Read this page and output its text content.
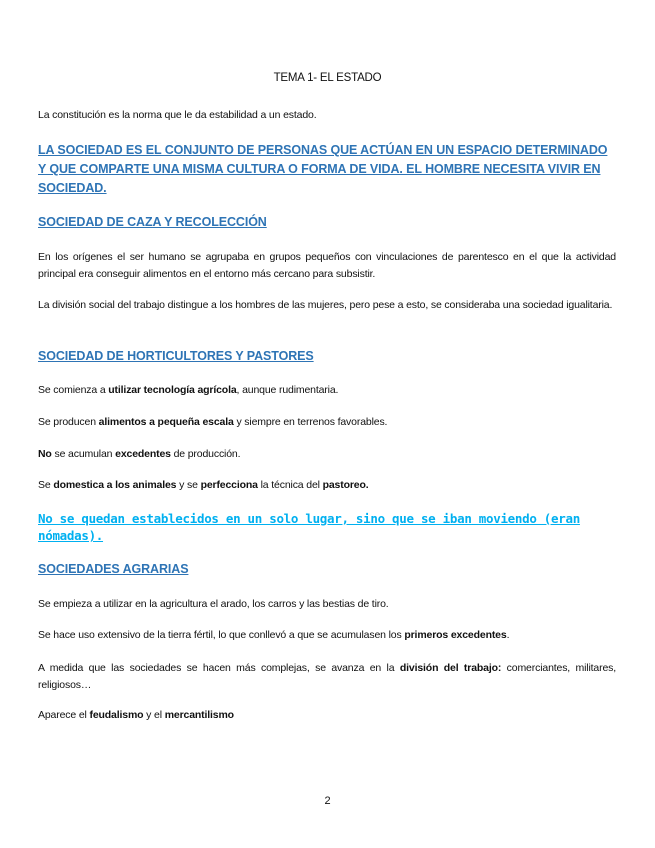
TEMA 1- EL ESTADO

La constitución es la norma que le da estabilidad a un estado.

LA SOCIEDAD ES EL CONJUNTO DE PERSONAS QUE ACTÚAN EN UN ESPACIO DETERMINADO Y QUE COMPARTE UNA MISMA CULTURA O FORMA DE VIDA. EL HOMBRE NECESITA VIVIR EN SOCIEDAD.

SOCIEDAD DE CAZA Y RECOLECCIÓN

En los orígenes el ser humano se agrupaba en grupos pequeños con vinculaciones de parentesco en el que la actividad principal era conseguir alimentos en el entorno más cercano para subsistir.

La división social del trabajo distingue a los hombres de las mujeres, pero pese a esto, se consideraba una sociedad igualitaria.

SOCIEDAD DE HORTICULTORES Y PASTORES

Se comienza a utilizar tecnología agrícola, aunque rudimentaria.

Se producen alimentos a pequeña escala y siempre en terrenos favorables.

No se acumulan excedentes de producción.

Se domestica a los animales y se perfecciona la técnica del pastoreo.

No se quedan establecidos en un solo lugar, sino que se iban moviendo (eran nómadas).

SOCIEDADES AGRARIAS

Se empieza a utilizar en la agricultura el arado, los carros y las bestias de tiro.

Se hace uso extensivo de la tierra fértil, lo que conllevó a que se acumulasen los primeros excedentes.

A medida que las sociedades se hacen más complejas, se avanza en la división del trabajo: comerciantes, militares, religiosos…

Aparece el feudalismo y el mercantilismo

2
